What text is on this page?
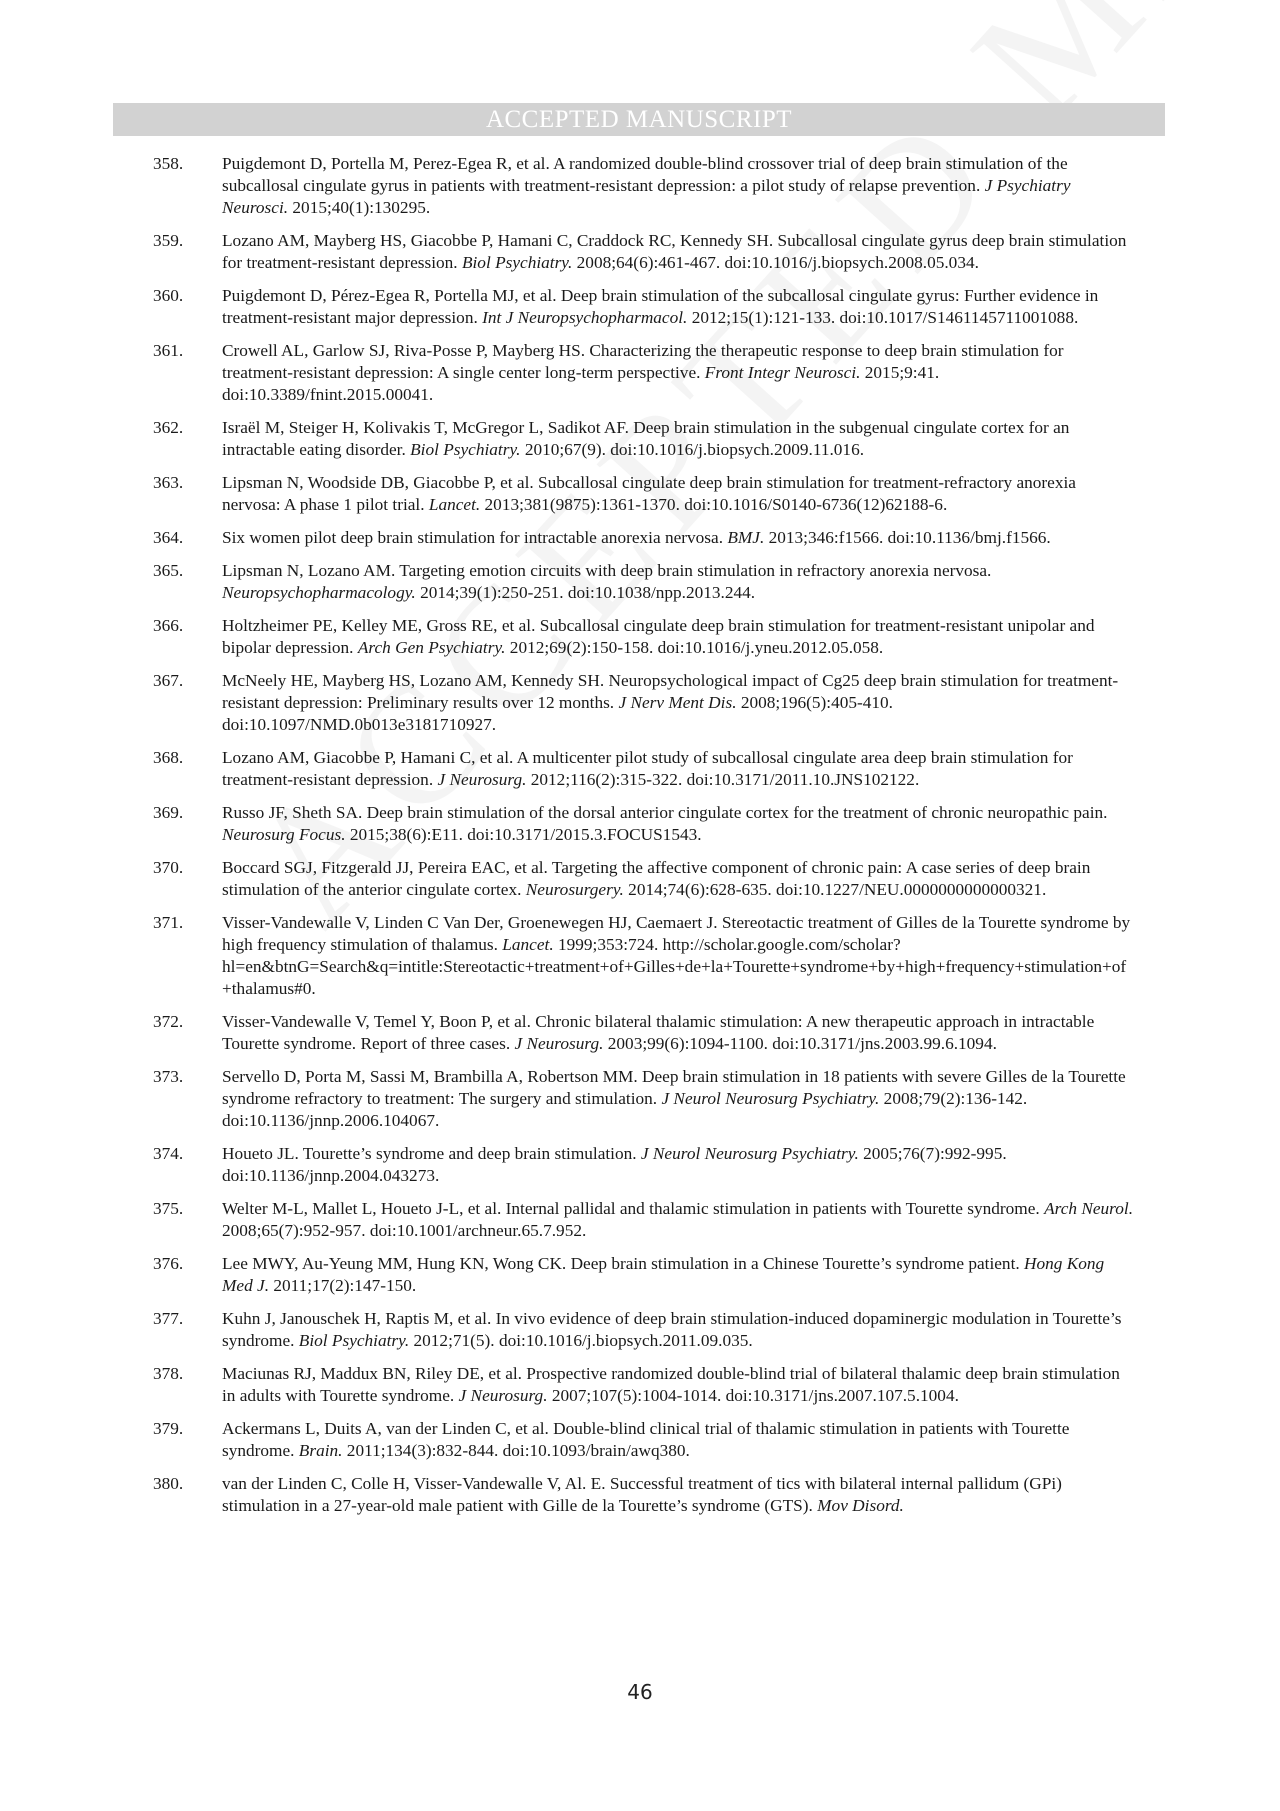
ACCEPTED MANUSCRIPT
358.	Puigdemont D, Portella M, Perez-Egea R, et al. A randomized double-blind crossover trial of deep brain stimulation of the subcallosal cingulate gyrus in patients with treatment-resistant depression: a pilot study of relapse prevention. J Psychiatry Neurosci. 2015;40(1):130295.
359.	Lozano AM, Mayberg HS, Giacobbe P, Hamani C, Craddock RC, Kennedy SH. Subcallosal cingulate gyrus deep brain stimulation for treatment-resistant depression. Biol Psychiatry. 2008;64(6):461-467. doi:10.1016/j.biopsych.2008.05.034.
360.	Puigdemont D, Pérez-Egea R, Portella MJ, et al. Deep brain stimulation of the subcallosal cingulate gyrus: Further evidence in treatment-resistant major depression. Int J Neuropsychopharmacol. 2012;15(1):121-133. doi:10.1017/S1461145711001088.
361.	Crowell AL, Garlow SJ, Riva-Posse P, Mayberg HS. Characterizing the therapeutic response to deep brain stimulation for treatment-resistant depression: A single center long-term perspective. Front Integr Neurosci. 2015;9:41. doi:10.3389/fnint.2015.00041.
362.	Israël M, Steiger H, Kolivakis T, McGregor L, Sadikot AF. Deep brain stimulation in the subgenual cingulate cortex for an intractable eating disorder. Biol Psychiatry. 2010;67(9). doi:10.1016/j.biopsych.2009.11.016.
363.	Lipsman N, Woodside DB, Giacobbe P, et al. Subcallosal cingulate deep brain stimulation for treatment-refractory anorexia nervosa: A phase 1 pilot trial. Lancet. 2013;381(9875):1361-1370. doi:10.1016/S0140-6736(12)62188-6.
364.	Six women pilot deep brain stimulation for intractable anorexia nervosa. BMJ. 2013;346:f1566. doi:10.1136/bmj.f1566.
365.	Lipsman N, Lozano AM. Targeting emotion circuits with deep brain stimulation in refractory anorexia nervosa. Neuropsychopharmacology. 2014;39(1):250-251. doi:10.1038/npp.2013.244.
366.	Holtzheimer PE, Kelley ME, Gross RE, et al. Subcallosal cingulate deep brain stimulation for treatment-resistant unipolar and bipolar depression. Arch Gen Psychiatry. 2012;69(2):150-158. doi:10.1016/j.yneu.2012.05.058.
367.	McNeely HE, Mayberg HS, Lozano AM, Kennedy SH. Neuropsychological impact of Cg25 deep brain stimulation for treatment-resistant depression: Preliminary results over 12 months. J Nerv Ment Dis. 2008;196(5):405-410. doi:10.1097/NMD.0b013e3181710927.
368.	Lozano AM, Giacobbe P, Hamani C, et al. A multicenter pilot study of subcallosal cingulate area deep brain stimulation for treatment-resistant depression. J Neurosurg. 2012;116(2):315-322. doi:10.3171/2011.10.JNS102122.
369.	Russo JF, Sheth SA. Deep brain stimulation of the dorsal anterior cingulate cortex for the treatment of chronic neuropathic pain. Neurosurg Focus. 2015;38(6):E11. doi:10.3171/2015.3.FOCUS1543.
370.	Boccard SGJ, Fitzgerald JJ, Pereira EAC, et al. Targeting the affective component of chronic pain: A case series of deep brain stimulation of the anterior cingulate cortex. Neurosurgery. 2014;74(6):628-635. doi:10.1227/NEU.0000000000000321.
371.	Visser-Vandewalle V, Linden C Van Der, Groenewegen HJ, Caemaert J. Stereotactic treatment of Gilles de la Tourette syndrome by high frequency stimulation of thalamus. Lancet. 1999;353:724. http://scholar.google.com/scholar?hl=en&btnG=Search&q=intitle:Stereotactic+treatment+of+Gilles+de+la+Tourette+syndrome+by+high+frequency+stimulation+of+thalamus#0.
372.	Visser-Vandewalle V, Temel Y, Boon P, et al. Chronic bilateral thalamic stimulation: A new therapeutic approach in intractable Tourette syndrome. Report of three cases. J Neurosurg. 2003;99(6):1094-1100. doi:10.3171/jns.2003.99.6.1094.
373.	Servello D, Porta M, Sassi M, Brambilla A, Robertson MM. Deep brain stimulation in 18 patients with severe Gilles de la Tourette syndrome refractory to treatment: The surgery and stimulation. J Neurol Neurosurg Psychiatry. 2008;79(2):136-142. doi:10.1136/jnnp.2006.104067.
374.	Houeto JL. Tourette’s syndrome and deep brain stimulation. J Neurol Neurosurg Psychiatry. 2005;76(7):992-995. doi:10.1136/jnnp.2004.043273.
375.	Welter M-L, Mallet L, Houeto J-L, et al. Internal pallidal and thalamic stimulation in patients with Tourette syndrome. Arch Neurol. 2008;65(7):952-957. doi:10.1001/archneur.65.7.952.
376.	Lee MWY, Au-Yeung MM, Hung KN, Wong CK. Deep brain stimulation in a Chinese Tourette’s syndrome patient. Hong Kong Med J. 2011;17(2):147-150.
377.	Kuhn J, Janouschek H, Raptis M, et al. In vivo evidence of deep brain stimulation-induced dopaminergic modulation in Tourette’s syndrome. Biol Psychiatry. 2012;71(5). doi:10.1016/j.biopsych.2011.09.035.
378.	Maciunas RJ, Maddux BN, Riley DE, et al. Prospective randomized double-blind trial of bilateral thalamic deep brain stimulation in adults with Tourette syndrome. J Neurosurg. 2007;107(5):1004-1014. doi:10.3171/jns.2007.107.5.1004.
379.	Ackermans L, Duits A, van der Linden C, et al. Double-blind clinical trial of thalamic stimulation in patients with Tourette syndrome. Brain. 2011;134(3):832-844. doi:10.1093/brain/awq380.
380.	van der Linden C, Colle H, Visser-Vandewalle V, Al. E. Successful treatment of tics with bilateral internal pallidum (GPi) stimulation in a 27-year-old male patient with Gille de la Tourette’s syndrome (GTS). Mov Disord.
46
